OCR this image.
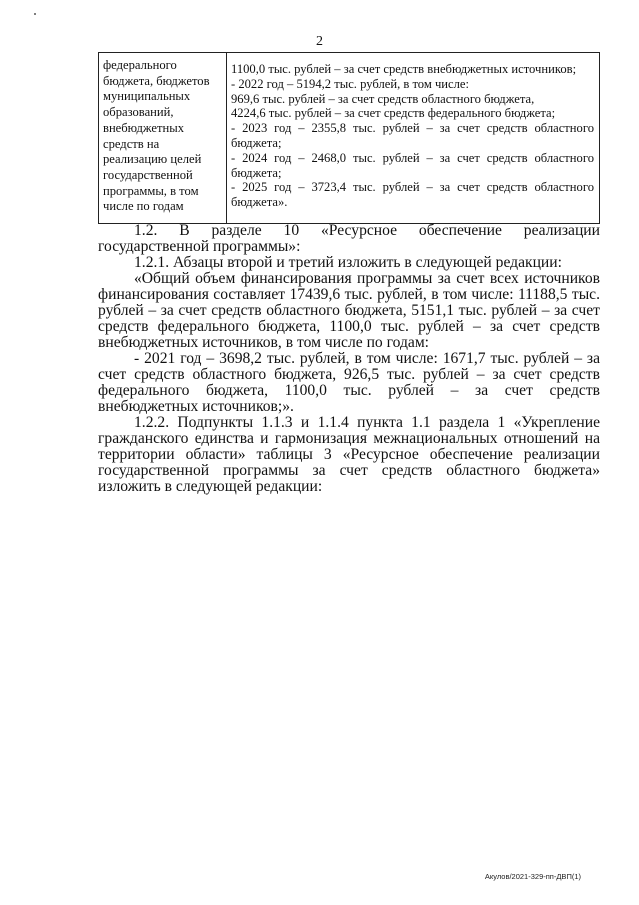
2
федерального
бюджета, бюджетов
муниципальных
образований,
внебюджетных
средств на
реализацию целей
государственной
программы, в том
числе по годам
1100,0 тыс. рублей – за счет средств внебюджетных источников;
- 2022 год – 5194,2 тыс. рублей, в том числе:
969,6 тыс. рублей – за счет средств областного бюджета,
4224,6 тыс. рублей – за счет средств федерального бюджета;
- 2023 год – 2355,8 тыс. рублей – за счет средств областного
бюджета;
- 2024 год – 2468,0 тыс. рублей – за счет средств областного
бюджета;
- 2025 год – 3723,4 тыс. рублей – за счет средств областного
бюджета».

1.2. В разделе 10 «Ресурсное обеспечение реализации государственной программы»:

1.2.1. Абзацы второй и третий изложить в следующей редакции:

«Общий объем финансирования программы за счет всех источников финансирования составляет 17439,6 тыс. рублей, в том числе: 11188,5 тыс. рублей – за счет средств областного бюджета, 5151,1 тыс. рублей – за счет средств федерального бюджета, 1100,0 тыс. рублей – за счет средств внебюджетных источников, в том числе по годам:

- 2021 год – 3698,2 тыс. рублей, в том числе: 1671,7 тыс. рублей – за счет средств областного бюджета, 926,5 тыс. рублей – за счет средств федерального бюджета, 1100,0 тыс. рублей – за счет средств внебюджетных источников;».

1.2.2. Подпункты 1.1.3 и 1.1.4 пункта 1.1 раздела 1 «Укрепление гражданского единства и гармонизация межнациональных отношений на территории области» таблицы 3 «Ресурсное обеспечение реализации государственной программы за счет средств областного бюджета» изложить в следующей редакции:

Акулов/2021-329-пп-ДВП(1)
